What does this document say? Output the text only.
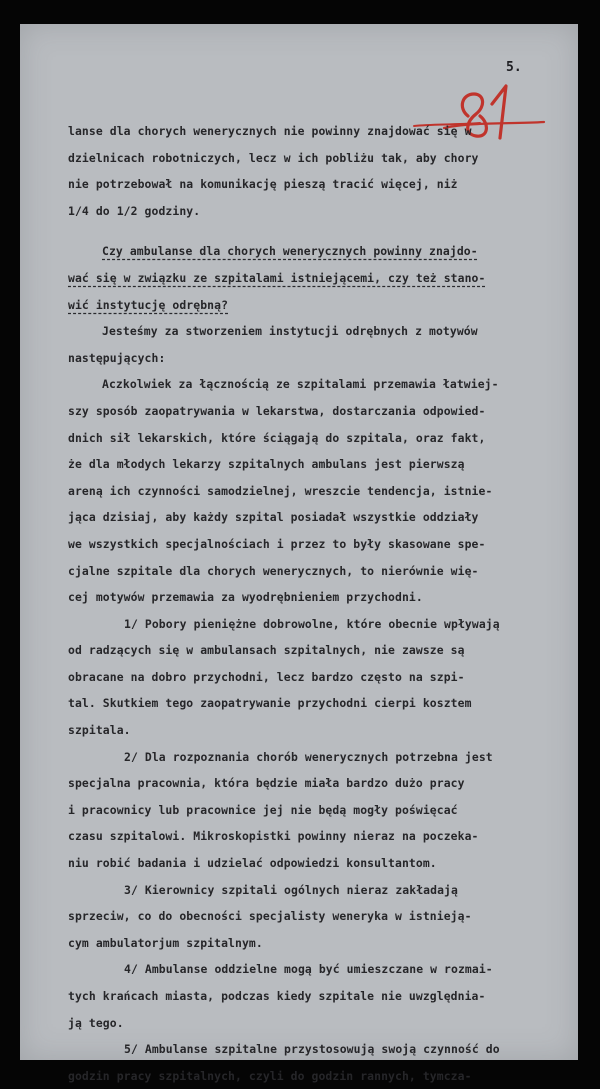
5.
lanse dla chorych wenerycznych nie powinny znajdować się w
dzielnicach robotniczych, lecz w ich pobliżu tak, aby chory
nie potrzebował na komunikację pieszą tracić więcej, niż
1/4 do 1/2 godziny.
Czy ambulanse dla chorych wenerycznych powinny znajdo-
wać się w związku ze szpitalami istniejącemi, czy też stano-
wić instytucję odrębną?
Jesteśmy za stworzeniem instytucji odrębnych z motywów
następujących:
Aczkolwiek za łącznością ze szpitalami przemawia łatwiej-
szy sposób zaopatrywania w lekarstwa, dostarczania odpowied-
dnich sił lekarskich, które ściągają do szpitala, oraz fakt,
że dla młodych lekarzy szpitalnych ambulans jest pierwszą
areną ich czynności samodzielnej, wreszcie tendencja, istnie-
jąca dzisiaj, aby każdy szpital posiadał wszystkie oddziały
we wszystkich specjalnościach i przez to były skasowane spe-
cjalne szpitale dla chorych wenerycznych, to nierównie wię-
cej motywów przemawia za wyodrębnieniem przychodni.
1/ Pobory pieniężne dobrowolne, które obecnie wpływają
od radzących się w ambulansach szpitalnych, nie zawsze są
obracane na dobro przychodni, lecz bardzo często na szpi-
tal. Skutkiem tego zaopatrywanie przychodni cierpi kosztem
szpitala.
2/ Dla rozpoznania chorób wenerycznych potrzebna jest
specjalna pracownia, która będzie miała bardzo dużo pracy
i pracownicy lub pracownice jej nie będą mogły poświęcać
czasu szpitalowi. Mikroskopistki powinny nieraz na poczeka-
niu robić badania i udzielać odpowiedzi konsultantom.
3/ Kierownicy szpitali ogólnych nieraz zakładają
sprzeciw, co do obecności specjalisty weneryka w istnieją-
cym ambulatorjum szpitalnym.
4/ Ambulanse oddzielne mogą być umieszczane w rozmai-
tych krańcach miasta, podczas kiedy szpitale nie uwzględnia-
ją tego.
5/ Ambulanse szpitalne przystosowują swoją czynność do
godzin pracy szpitalnych, czyli do godzin rannych, tymcza-
